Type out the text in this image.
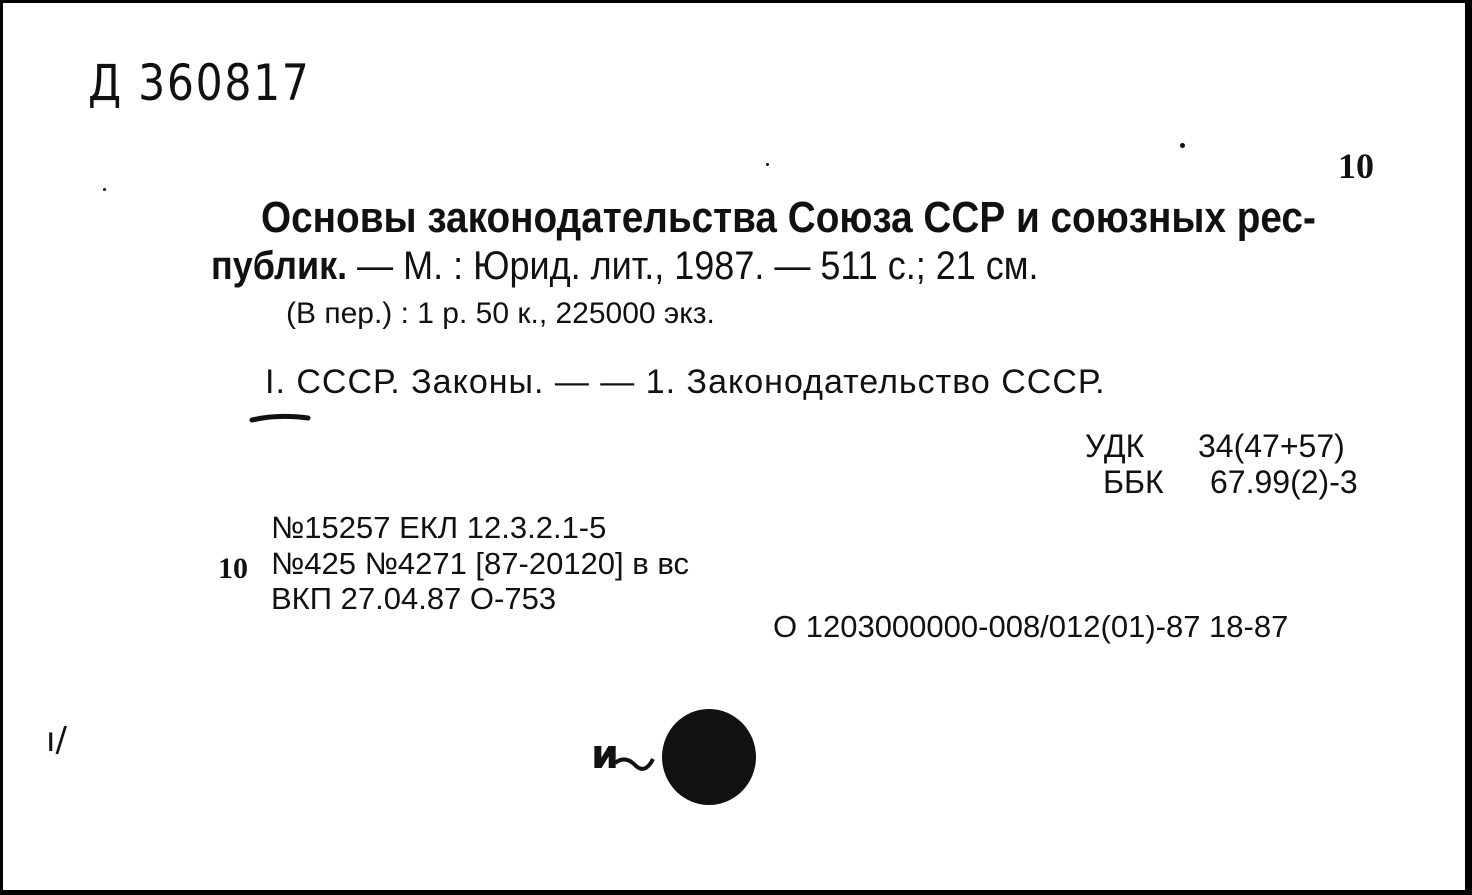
Д 360817
10
Основы законодательства Союза ССР и союзных рес-
публик. — М. : Юрид. лит., 1987. — 511 с.; 21 см.
(В пер.) : 1 р. 50 к., 225000 экз.
I. СССР. Законы. — — 1. Законодательство СССР.
УДК 34(47+57)
ББК 67.99(2)-3
№15257 ЕКЛ 12.3.2.1-5
10 №425 №4271 [87-20120] в вс
ВКП 27.04.87 О-753
О 1203000000-008/012(01)-87 18-87
ı/	и
